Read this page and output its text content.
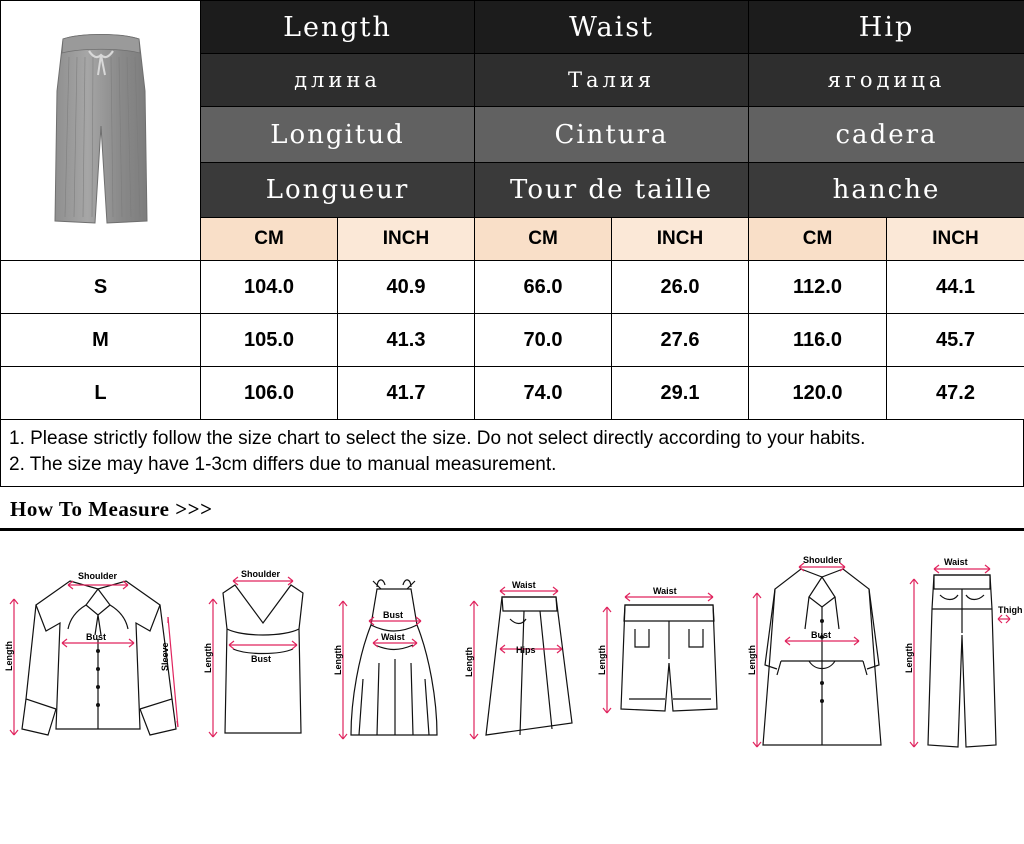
	Length		Waist		Hip	
	длина		Талия		ягодица	
	Longitud		Cintura		cadera	
	Longueur		Tour de taille		hanche	
	CM	INCH	CM	INCH	CM	INCH
S	104.0	40.9	66.0	26.0	112.0	44.1
M	105.0	41.3	70.0	27.6	116.0	45.7
L	106.0	41.7	74.0	29.1	120.0	47.2

1. Please strictly follow the size chart to select the size. Do not select directly according to your habits.

2. The size may have 1-3cm differs due to manual measurement.

How To Measure >>>
Shoulder
Bust
Sleeve
Length
Shoulder
Bust
Length
Bust
Waist
Length
Waist
Hips
Length
Waist
Length
Shoulder
Bust
Length
Waist
Thigh
Length
